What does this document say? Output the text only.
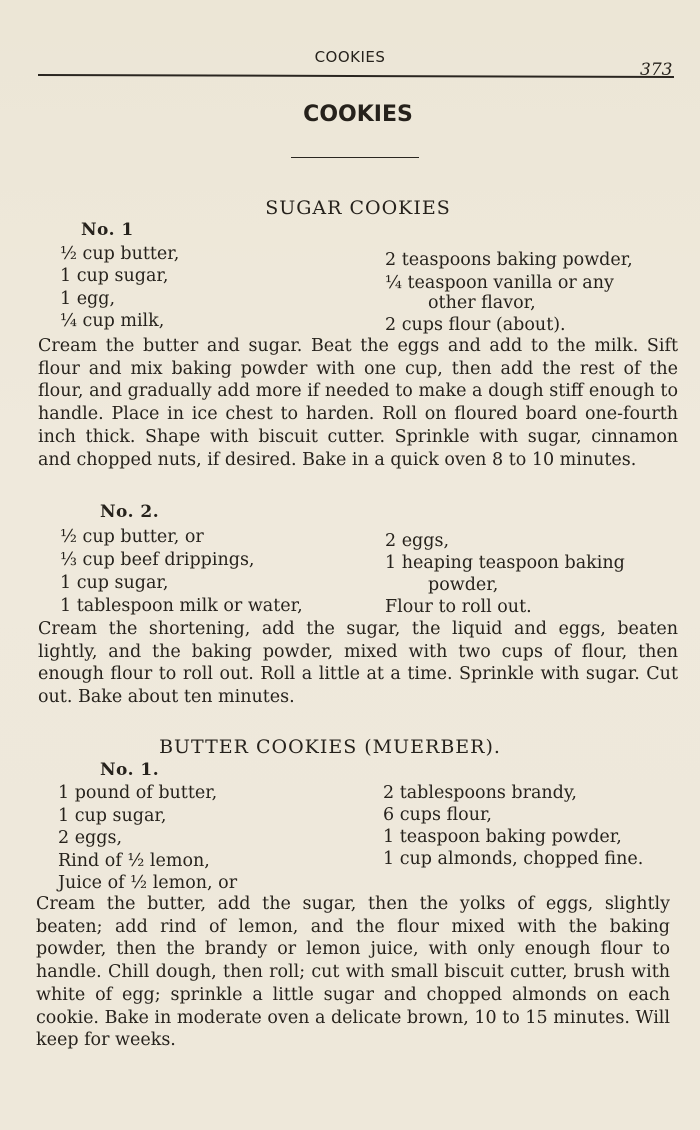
COOKIES
373
COOKIES
SUGAR COOKIES
No. 1
½ cup butter,
1 cup sugar,
1 egg,
¼ cup milk,
2 teaspoons baking powder,
¼ teaspoon vanilla or any
other flavor,
2 cups flour (about).
Cream the butter and sugar. Beat the eggs and add to the milk. Sift flour and mix baking powder with one cup, then add the rest of the flour, and gradually add more if needed to make a dough stiff enough to handle. Place in ice chest to harden. Roll on floured board one-fourth inch thick. Shape with biscuit cutter. Sprinkle with sugar, cinnamon and chopped nuts, if desired. Bake in a quick oven 8 to 10 minutes.
No. 2.
½ cup butter, or
⅓ cup beef drippings,
1 cup sugar,
1 tablespoon milk or water,
2 eggs,
1 heaping teaspoon baking
powder,
Flour to roll out.
Cream the shortening, add the sugar, the liquid and eggs, beaten lightly, and the baking powder, mixed with two cups of flour, then enough flour to roll out. Roll a little at a time. Sprinkle with sugar. Cut out. Bake about ten minutes.
BUTTER COOKIES (MUERBER).
No. 1.
1 pound of butter,
1 cup sugar,
2 eggs,
Rind of ½ lemon,
Juice of ½ lemon, or
2 tablespoons brandy,
6 cups flour,
1 teaspoon baking powder,
1 cup almonds, chopped fine.
Cream the butter, add the sugar, then the yolks of eggs, slightly beaten; add rind of lemon, and the flour mixed with the baking powder, then the brandy or lemon juice, with only enough flour to handle. Chill dough, then roll; cut with small biscuit cutter, brush with white of egg; sprinkle a little sugar and chopped almonds on each cookie. Bake in moderate oven a delicate brown, 10 to 15 minutes. Will keep for weeks.
